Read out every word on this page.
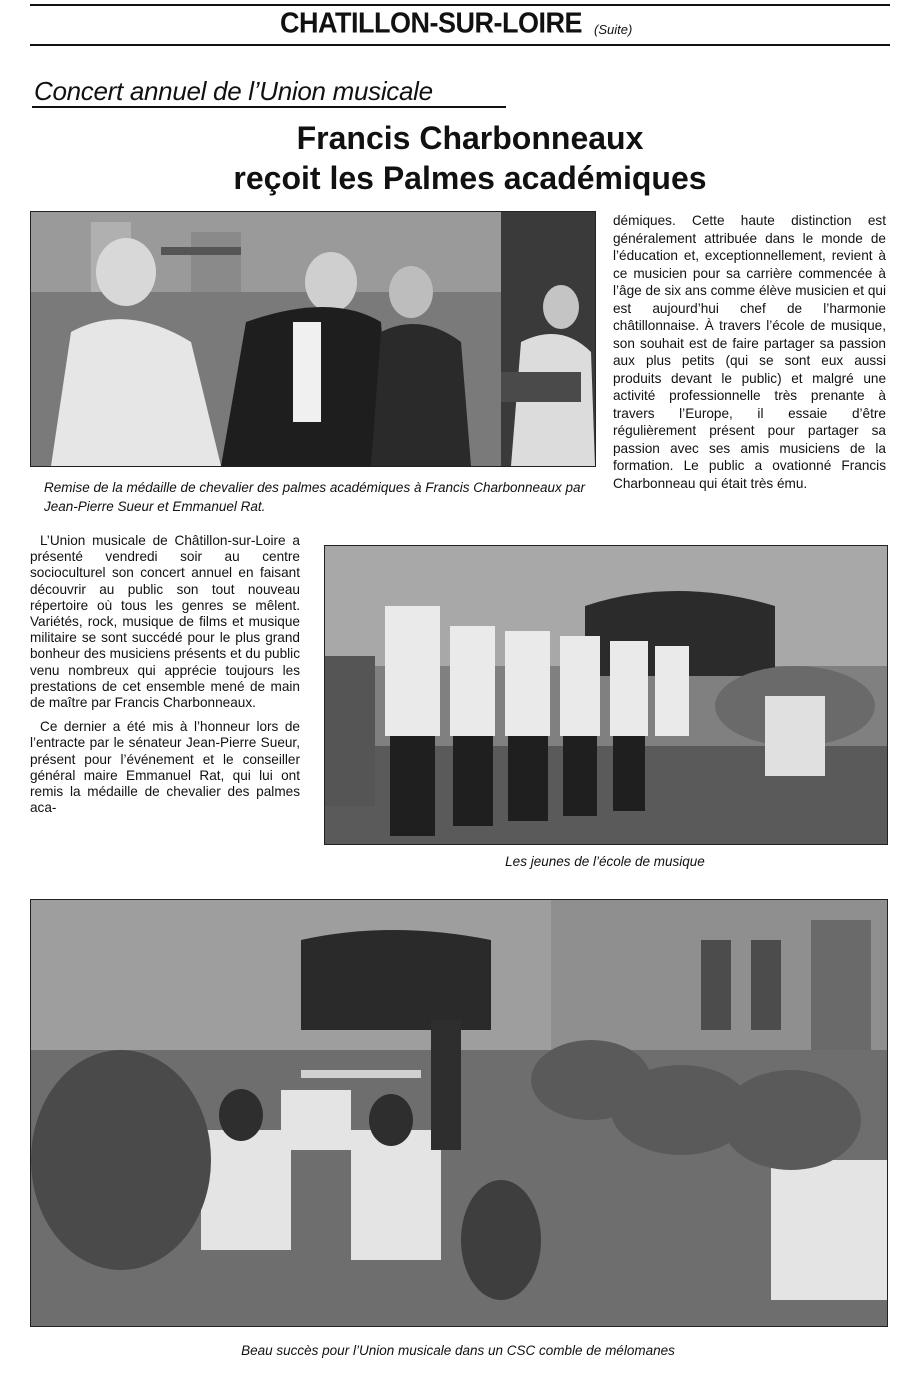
CHATILLON-SUR-LOIRE (Suite)
Concert annuel de l’Union musicale
Francis Charbonneaux
reçoit les Palmes académiques
Remise de la médaille de chevalier des palmes académiques à Francis Charbonneaux par Jean-Pierre Sueur et Emmanuel Rat.

démiques. Cette haute distinction est généralement attribuée dans le monde de l’éducation et, exceptionnellement, revient à ce musicien pour sa carrière commencée à l’âge de six ans comme élève musicien et qui est aujourd’hui chef de l’harmonie châtillonnaise. À travers l’école de musique, son souhait est de faire partager sa passion aux plus petits (qui se sont eux aussi produits devant le public) et malgré une activité professionnelle très prenante à travers l’Europe, il essaie d’être régulièrement présent pour partager sa passion avec ses amis musiciens de la formation. Le public a ovationné Francis Charbonneau qui était très ému.

L’Union musicale de Châtillon-sur-Loire a présenté vendredi soir au centre socioculturel son concert annuel en faisant découvrir au public son tout nouveau répertoire où tous les genres se mêlent. Variétés, rock, musique de films et musique militaire se sont succédé pour le plus grand bonheur des musiciens présents et du public venu nombreux qui apprécie toujours les prestations de cet ensemble mené de main de maître par Francis Charbonneaux.

Ce dernier a été mis à l’honneur lors de l’entracte par le sénateur Jean-Pierre Sueur, présent pour l’événement et le conseiller général maire Emmanuel Rat, qui lui ont remis la médaille de chevalier des palmes aca-

Les jeunes de l’école de musique
Beau succès pour l’Union musicale dans un CSC comble de mélomanes
